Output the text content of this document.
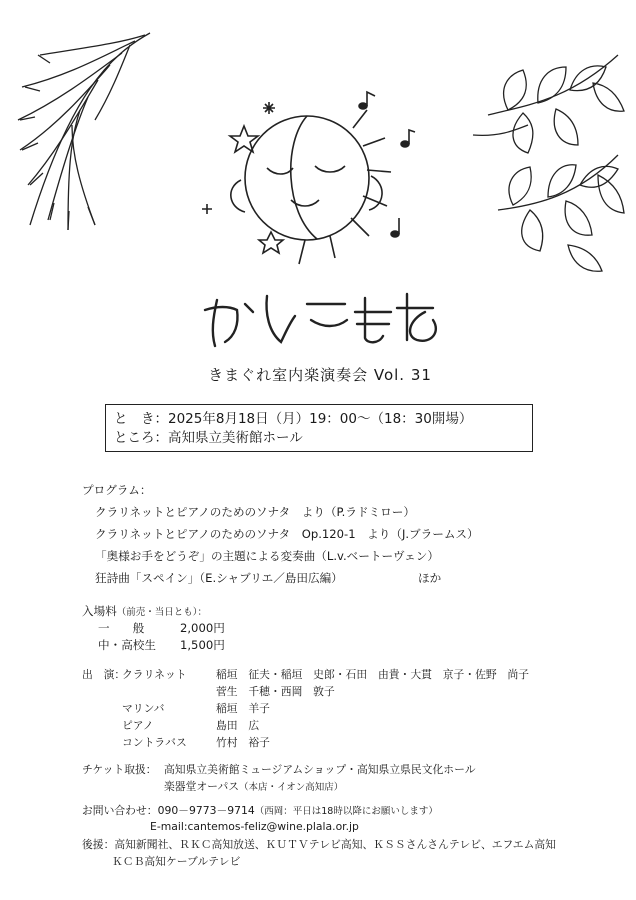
かんてもす
きまぐれ室内楽演奏会 Vol. 31
と　き：2025年8月18日（月）19：00～（18：30開場）
ところ：高知県立美術館ホール
プログラム：
クラリネットとピアノのためのソナタ　より（P.ラドミロー）
クラリネットとピアノのためのソナタ　Op.120-1　より（J.ブラームス）
「奥様お手をどうぞ」の主題による変奏曲（L.v.ベートーヴェン）
狂詩曲「スペイン」（E.シャブリエ／島田広編）	ほか
入場料（前売・当日とも）：
一　　般	2,000円
中・高校生 1,500円
出　演：
クラリネット	稲垣　征夫・稲垣　史郎・石田　由貴・大貫　京子・佐野　尚子
菅生　千穂・西岡　敦子
マリンバ	稲垣　羊子
ピアノ	島田　広
コントラバス	竹村　裕子
チケット取扱： 高知県立美術館ミュージアムショップ・高知県立県民文化ホール
楽器堂オーパス（本店・イオン高知店）
お問い合わせ：090－9773－9714（西岡：平日は18時以降にお願いします）
E-mail:cantemos-feliz@wine.plala.or.jp
後援：高知新聞社、ＲＫＣ高知放送、ＫＵＴＶテレビ高知、ＫＳＳさんさんテレビ、エフエム高知
ＫＣＢ高知ケーブルテレビ
